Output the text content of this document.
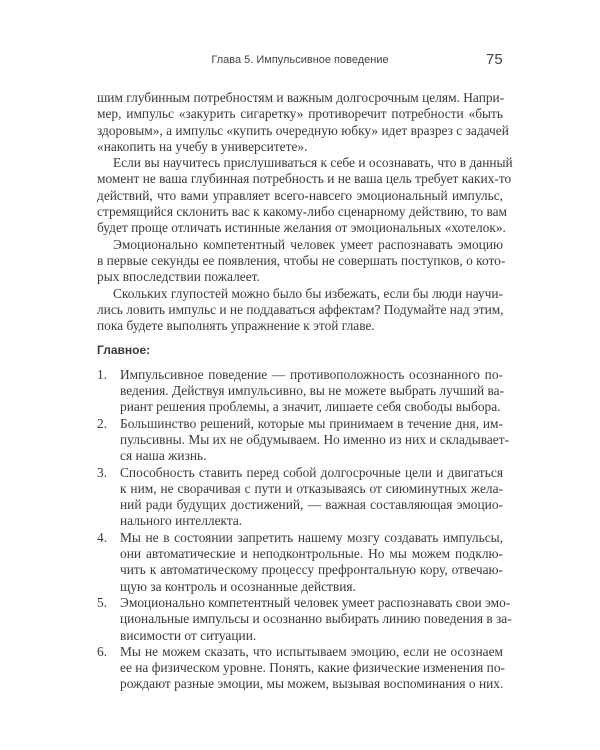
Глава 5. Импульсивное поведение	75
шим глубинным потребностям и важным долгосрочным целям. Напри-
мер, импульс «закурить сигаретку» противоречит потребности «быть
здоровым», а импульс «купить очередную юбку» идет вразрез с задачей
«накопить на учебу в университете».
Если вы научитесь прислушиваться к себе и осознавать, что в данный
момент не ваша глубинная потребность и не ваша цель требует каких-то
действий, что вами управляет всего-навсего эмоциональный импульс,
стремящийся склонить вас к какому-либо сценарному действию, то вам
будет проще отличать истинные желания от эмоциональных «хотелок».
Эмоционально компетентный человек умеет распознавать эмоцию
в первые секунды ее появления, чтобы не совершать поступков, о кото-
рых впоследствии пожалеет.
Скольких глупостей можно было бы избежать, если бы люди научи-
лись ловить импульс и не поддаваться аффектам? Подумайте над этим,
пока будете выполнять упражнение к этой главе.
Главное:
1. Импульсивное поведение — противоположность осознанного по-
ведения. Действуя импульсивно, вы не можете выбрать лучший ва-
риант решения проблемы, а значит, лишаете себя свободы выбора.
2. Большинство решений, которые мы принимаем в течение дня, им-
пульсивны. Мы их не обдумываем. Но именно из них и складывает-
ся наша жизнь.
3. Способность ставить перед собой долгосрочные цели и двигаться
к ним, не сворачивая с пути и отказываясь от сиюминутных жела-
ний ради будущих достижений, — важная составляющая эмоцио-
нального интеллекта.
4. Мы не в состоянии запретить нашему мозгу создавать импульсы,
они автоматические и неподконтрольные. Но мы можем подклю-
чить к автоматическому процессу префронтальную кору, отвечаю-
щую за контроль и осознанные действия.
5. Эмоционально компетентный человек умеет распознавать свои эмо-
циональные импульсы и осознанно выбирать линию поведения в за-
висимости от ситуации.
6. Мы не можем сказать, что испытываем эмоцию, если не осознаем
ее на физическом уровне. Понять, какие физические изменения по-
рождают разные эмоции, мы можем, вызывая воспоминания о них.
